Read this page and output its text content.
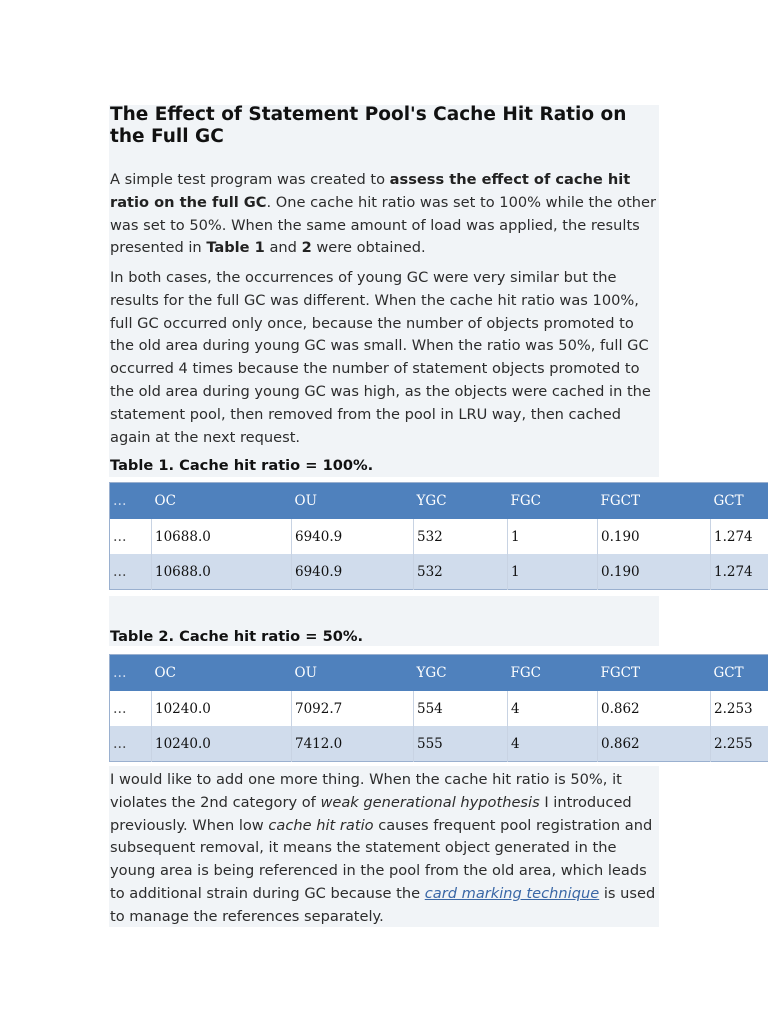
The Effect of Statement Pool's Cache Hit Ratio on the Full GC

A simple test program was created to assess the effect of cache hit ratio on the full GC. One cache hit ratio was set to 100% while the other was set to 50%. When the same amount of load was applied, the results presented in Table 1 and 2 were obtained.

In both cases, the occurrences of young GC were very similar but the results for the full GC was different. When the cache hit ratio was 100%, full GC occurred only once, because the number of objects promoted to the old area during young GC was small. When the ratio was 50%, full GC occurred 4 times because the number of statement objects promoted to the old area during young GC was high, as the objects were cached in the statement pool, then removed from the pool in LRU way, then cached again at the next request.

Table 1. Cache hit ratio = 100%.

…	OC	OU	YGC	FGC	FGCT	GCT
…	10688.0	6940.9	532	1	0.190	1.274
…	10688.0	6940.9	532	1	0.190	1.274

Table 2. Cache hit ratio = 50%.

…	OC	OU	YGC	FGC	FGCT	GCT
…	10240.0	7092.7	554	4	0.862	2.253
…	10240.0	7412.0	555	4	0.862	2.255

I would like to add one more thing. When the cache hit ratio is 50%, it violates the 2nd category of weak generational hypothesis I introduced previously. When low cache hit ratio causes frequent pool registration and subsequent removal, it means the statement object generated in the young area is being referenced in the pool from the old area, which leads to additional strain during GC because the card marking technique is used to manage the references separately.
